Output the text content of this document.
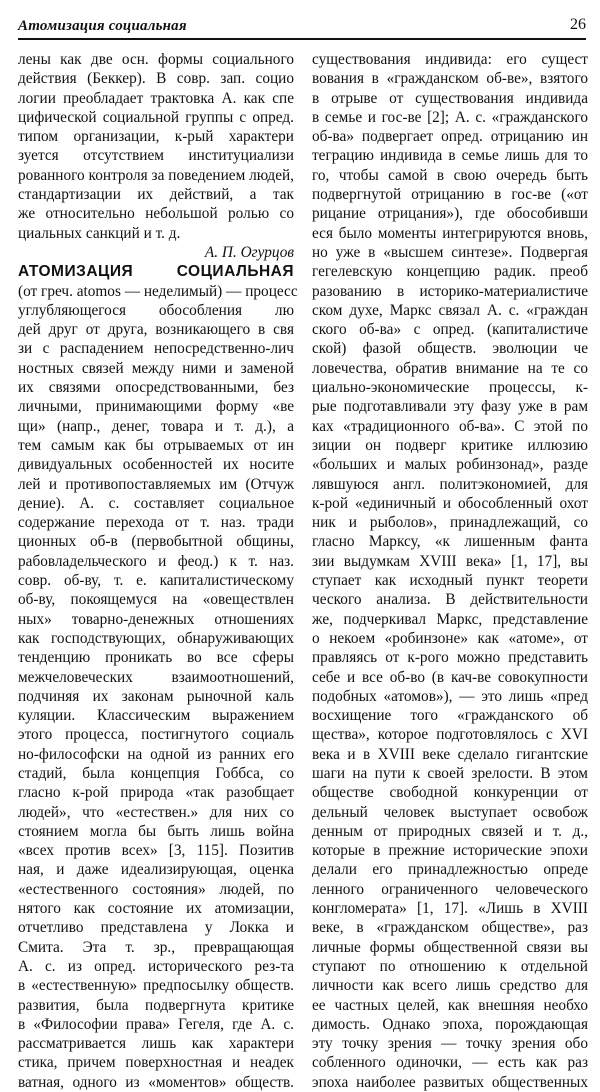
Атомизация социальная	26
лены как две осн. формы социального
действия (Беккер). В совр. зап. социо
логии преобладает трактовка А. как спе
цифической социальной группы с опред.
типом организации, к-рый характери
зуется отсутствием институциализи
рованного контроля за поведением людей,
стандартизации их действий, а так
же относительно небольшой ролью со
циальных санкций и т. д.
А. П. Огурцов
АТОМИЗАЦИЯ СОЦИАЛЬНАЯ
(от греч. atomos — неделимый) — процесс
углубляющегося обособления лю
дей друг от друга, возникающего в свя
зи с распадением непосредственно-лич
ностных связей между ними и заменой
их связями опосредствованными, без
личными, принимающими форму «ве
щи» (напр., денег, товара и т. д.), а
тем самым как бы отрываемых от ин
дивидуальных особенностей их носите
лей и противопоставляемых им (Отчуж
дение). А. с. составляет социальное
содержание перехода от т. наз. тради
ционных об-в (первобытной общины,
рабовладельческого и феод.) к т. наз.
совр. об-ву, т. е. капиталистическому
об-ву, покоящемуся на «овеществлен
ных» товарно-денежных отношениях
как господствующих, обнаруживающих
тенденцию проникать во все сферы
межчеловеческих взаимоотношений,
подчиняя их законам рыночной каль
куляции. Классическим выражением
этого процесса, постигнутого социаль
но-философски на одной из ранних его
стадий, была концепция Гоббса, со
гласно к-рой природа «так разобщает
людей», что «естествен.» для них со
стоянием могла бы быть лишь война
«всех против всех» [3, 115]. Позитив
ная, и даже идеализирующая, оценка
«естественного состояния» людей, по
нятого как состояние их атомизации,
отчетливо представлена у Локка и
Смита. Эта т. зр., превращающая
А. с. из опред. исторического рез-та
в «естественную» предпосылку обществ.
развития, была подвергнута критике
в «Философии права» Гегеля, где А. с.
рассматривается лишь как характери
стика, причем поверхностная и неадек
ватная, одного из «моментов» обществ.
существования индивида: его сущест
вования в «гражданском об-ве», взятого
в отрыве от существования индивида
в семье и гос-ве [2]; А. с. «гражданского
об-ва» подвергает опред. отрицанию ин
теграцию индивида в семье лишь для то
го, чтобы самой в свою очередь быть
подвергнутой отрицанию в гос-ве («от
рицание отрицания»), где обособивши
еся было моменты интегрируются вновь,
но уже в «высшем синтезе». Подвергая
гегелевскую концепцию радик. преоб
разованию в историко-материалистиче
ском духе, Маркс связал А. с. «граждан
ского об-ва» с опред. (капиталистиче
ской) фазой обществ. эволюции че
ловечества, обратив внимание на те со
циально-экономические процессы, к-
рые подготавливали эту фазу уже в рам
ках «традиционного об-ва». С этой по
зиции он подверг критике иллюзию
«больших и малых робинзонад», разде
лявшуюся англ. политэкономией, для
к-рой «единичный и обособленный охот
ник и рыболов», принадлежащий, со
гласно Марксу, «к лишенным фанта
зии выдумкам XVIII века» [1, 17], вы
ступает как исходный пункт теорети
ческого анализа. В действительности
же, подчеркивал Маркс, представление
о некоем «робинзоне» как «атоме», от
правляясь от к-рого можно представить
себе и все об-во (в кач-ве совокупности
подобных «атомов»), — это лишь «пред
восхищение того «гражданского об
щества», которое подготовлялось с XVI
века и в XVIII веке сделало гигантские
шаги на пути к своей зрелости. В этом
обществе свободной конкуренции от
дельный человек выступает освобож
денным от природных связей и т. д.,
которые в прежние исторические эпохи
делали его принадлежностью опреде
ленного ограниченного человеческого
конгломерата» [1, 17]. «Лишь в XVIII
веке, в «гражданском обществе», раз
личные формы общественной связи вы
ступают по отношению к отдельной
личности как всего лишь средство для
ее частных целей, как внешняя необхо
димость. Однако эпоха, порождающая
эту точку зрения — точку зрения обо
собленного одиночки, — есть как раз
эпоха наиболее развитых общественных
